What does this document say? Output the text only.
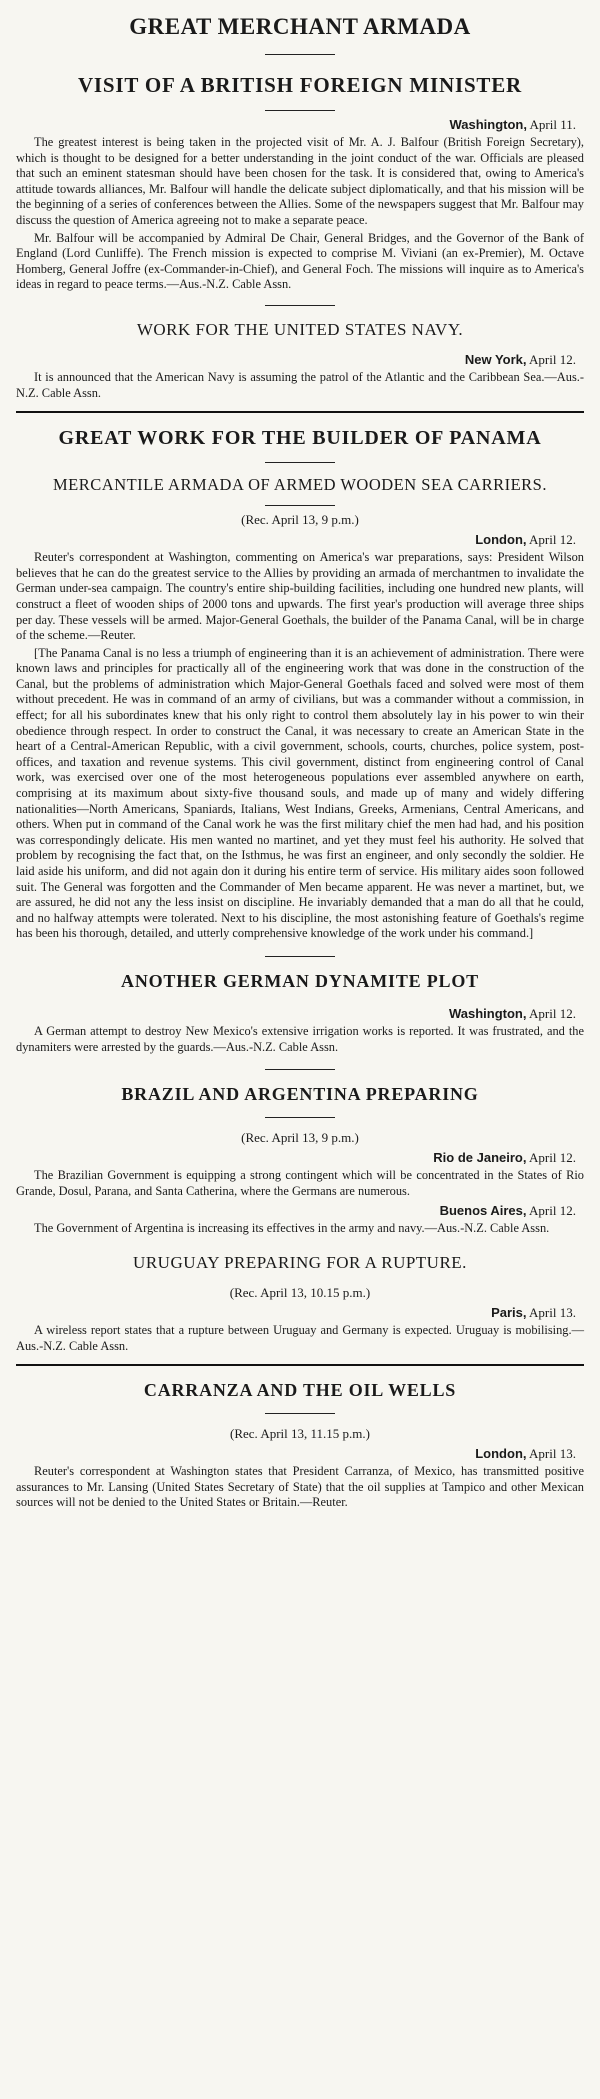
GREAT MERCHANT ARMADA
VISIT OF A BRITISH FOREIGN MINISTER
Washington, April 11.

The greatest interest is being taken in the projected visit of Mr. A. J. Balfour (British Foreign Secretary), which is thought to be designed for a better understanding in the joint conduct of the war. Officials are pleased that such an eminent statesman should have been chosen for the task. It is considered that, owing to America's attitude towards alliances, Mr. Balfour will handle the delicate subject diplomatically, and that his mission will be the beginning of a series of conferences between the Allies. Some of the newspapers suggest that Mr. Balfour may discuss the question of America agreeing not to make a separate peace.

Mr. Balfour will be accompanied by Admiral De Chair, General Bridges, and the Governor of the Bank of England (Lord Cunliffe). The French mission is expected to comprise M. Viviani (an ex-Premier), M. Octave Homberg, General Joffre (ex-Commander-in-Chief), and General Foch. The missions will inquire as to America's ideas in regard to peace terms.—Aus.-N.Z. Cable Assn.

WORK FOR THE UNITED STATES NAVY.
New York, April 12.

It is announced that the American Navy is assuming the patrol of the Atlantic and the Caribbean Sea.—Aus.-N.Z. Cable Assn.

GREAT WORK FOR THE BUILDER OF PANAMA
MERCANTILE ARMADA OF ARMED WOODEN SEA CARRIERS.
(Rec. April 13, 9 p.m.)
London, April 12.

Reuter's correspondent at Washington, commenting on America's war preparations, says: President Wilson believes that he can do the greatest service to the Allies by providing an armada of merchantmen to invalidate the German under-sea campaign. The country's entire ship-building facilities, including one hundred new plants, will construct a fleet of wooden ships of 2000 tons and upwards. The first year's production will average three ships per day. These vessels will be armed. Major-General Goethals, the builder of the Panama Canal, will be in charge of the scheme.—Reuter.

[The Panama Canal is no less a triumph of engineering than it is an achievement of administration. There were known laws and principles for practically all of the engineering work that was done in the construction of the Canal, but the problems of administration which Major-General Goethals faced and solved were most of them without precedent. He was in command of an army of civilians, but was a commander without a commission, in effect; for all his subordinates knew that his only right to control them absolutely lay in his power to win their obedience through respect. In order to construct the Canal, it was necessary to create an American State in the heart of a Central-American Republic, with a civil government, schools, courts, churches, police system, post-offices, and taxation and revenue systems. This civil government, distinct from engineering control of Canal work, was exercised over one of the most heterogeneous populations ever assembled anywhere on earth, comprising at its maximum about sixty-five thousand souls, and made up of many and widely differing nationalities—North Americans, Spaniards, Italians, West Indians, Greeks, Armenians, Central Americans, and others. When put in command of the Canal work he was the first military chief the men had had, and his position was correspondingly delicate. His men wanted no martinet, and yet they must feel his authority. He solved that problem by recognising the fact that, on the Isthmus, he was first an engineer, and only secondly the soldier. He laid aside his uniform, and did not again don it during his entire term of service. His military aides soon followed suit. The General was forgotten and the Commander of Men became apparent. He was never a martinet, but, we are assured, he did not any the less insist on discipline. He invariably demanded that a man do all that he could, and no halfway attempts were tolerated. Next to his discipline, the most astonishing feature of Goethals's regime has been his thorough, detailed, and utterly comprehensive knowledge of the work under his command.]

ANOTHER GERMAN DYNAMITE PLOT
Washington, April 12.

A German attempt to destroy New Mexico's extensive irrigation works is reported. It was frustrated, and the dynamiters were arrested by the guards.—Aus.-N.Z. Cable Assn.

BRAZIL AND ARGENTINA PREPARING
(Rec. April 13, 9 p.m.)
Rio de Janeiro, April 12.

The Brazilian Government is equipping a strong contingent which will be concentrated in the States of Rio Grande, Dosul, Parana, and Santa Catherina, where the Germans are numerous.

Buenos Aires, April 12.

The Government of Argentina is increasing its effectives in the army and navy.—Aus.-N.Z. Cable Assn.

URUGUAY PREPARING FOR A RUPTURE.
(Rec. April 13, 10.15 p.m.)
Paris, April 13.

A wireless report states that a rupture between Uruguay and Germany is expected. Uruguay is mobilising.—Aus.-N.Z. Cable Assn.

CARRANZA AND THE OIL WELLS
(Rec. April 13, 11.15 p.m.)
London, April 13.

Reuter's correspondent at Washington states that President Carranza, of Mexico, has transmitted positive assurances to Mr. Lansing (United States Secretary of State) that the oil supplies at Tampico and other Mexican sources will not be denied to the United States or Britain.—Reuter.
